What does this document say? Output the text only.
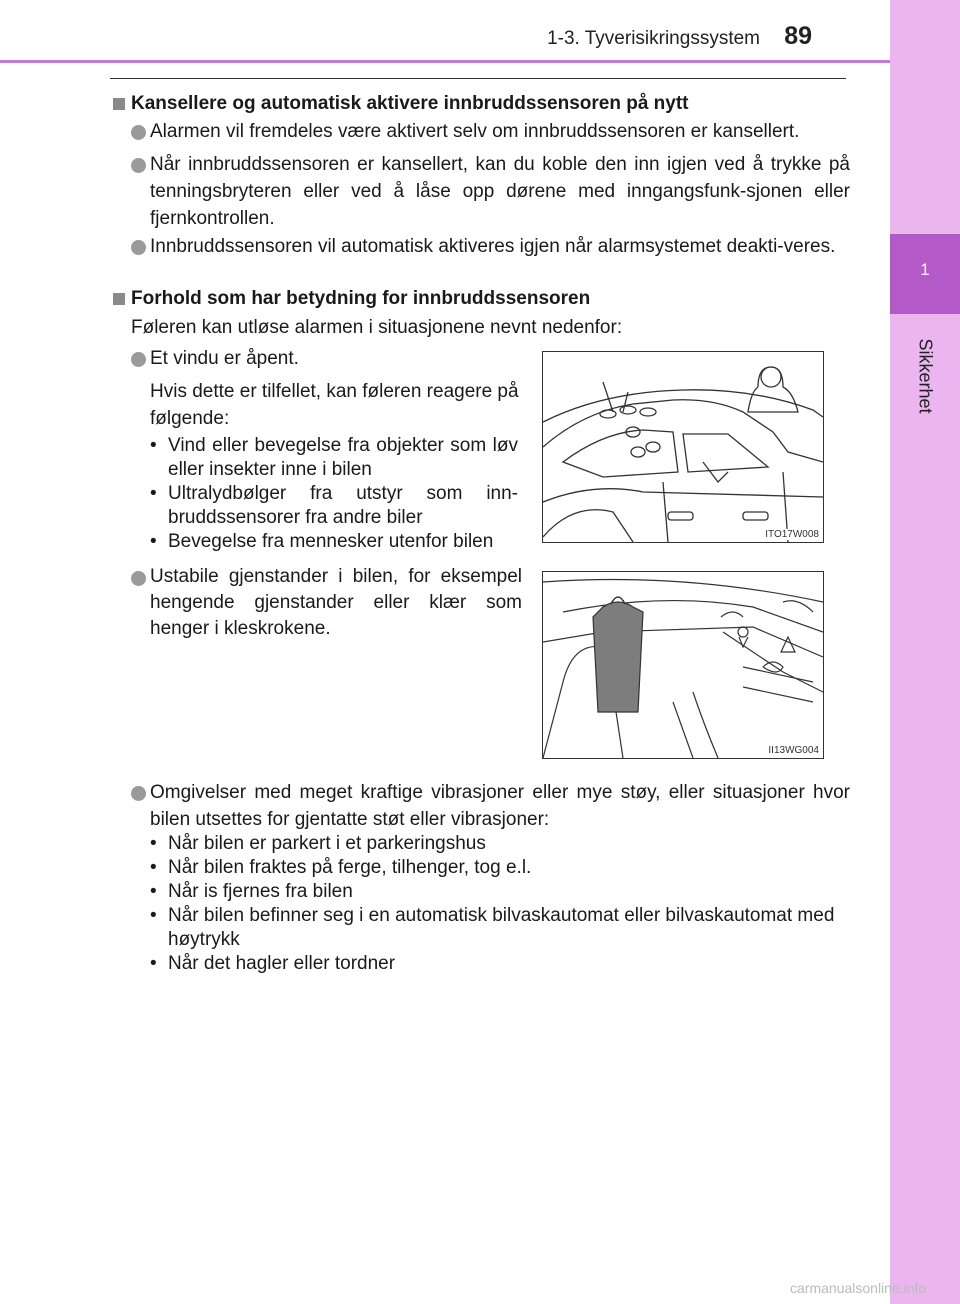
1-3. Tyverisikringssystem 89
1
Sikkerhet
Kansellere og automatisk aktivere innbruddssensoren på nytt
Alarmen vil fremdeles være aktivert selv om innbruddssensoren er kansellert.
Når innbruddssensoren er kansellert, kan du koble den inn igjen ved å trykke på tenningsbryteren eller ved å låse opp dørene med inngangsfunk-sjonen eller fjernkontrollen.
Innbruddssensoren vil automatisk aktiveres igjen når alarmsystemet deakti-veres.
Forhold som har betydning for innbruddssensoren
Føleren kan utløse alarmen i situasjonene nevnt nedenfor:
Et vindu er åpent.
Hvis dette er tilfellet, kan føleren reagere på følgende:
• Vind eller bevegelse fra objekter som løv eller insekter inne i bilen
• Ultralydbølger fra utstyr som inn-bruddssensorer fra andre biler
• Bevegelse fra mennesker utenfor bilen	ITO17W008
Ustabile gjenstander i bilen, for eksempel hengende gjenstander eller klær som henger i kleskrokene.
II13WG004
Omgivelser med meget kraftige vibrasjoner eller mye støy, eller situasjoner hvor bilen utsettes for gjentatte støt eller vibrasjoner:
• Når bilen er parkert i et parkeringshus
• Når bilen fraktes på ferge, tilhenger, tog e.l.
• Når is fjernes fra bilen
• Når bilen befinner seg i en automatisk bilvaskautomat eller bilvaskautomat med høytrykk
• Når det hagler eller tordner
carmanualsonline.info
